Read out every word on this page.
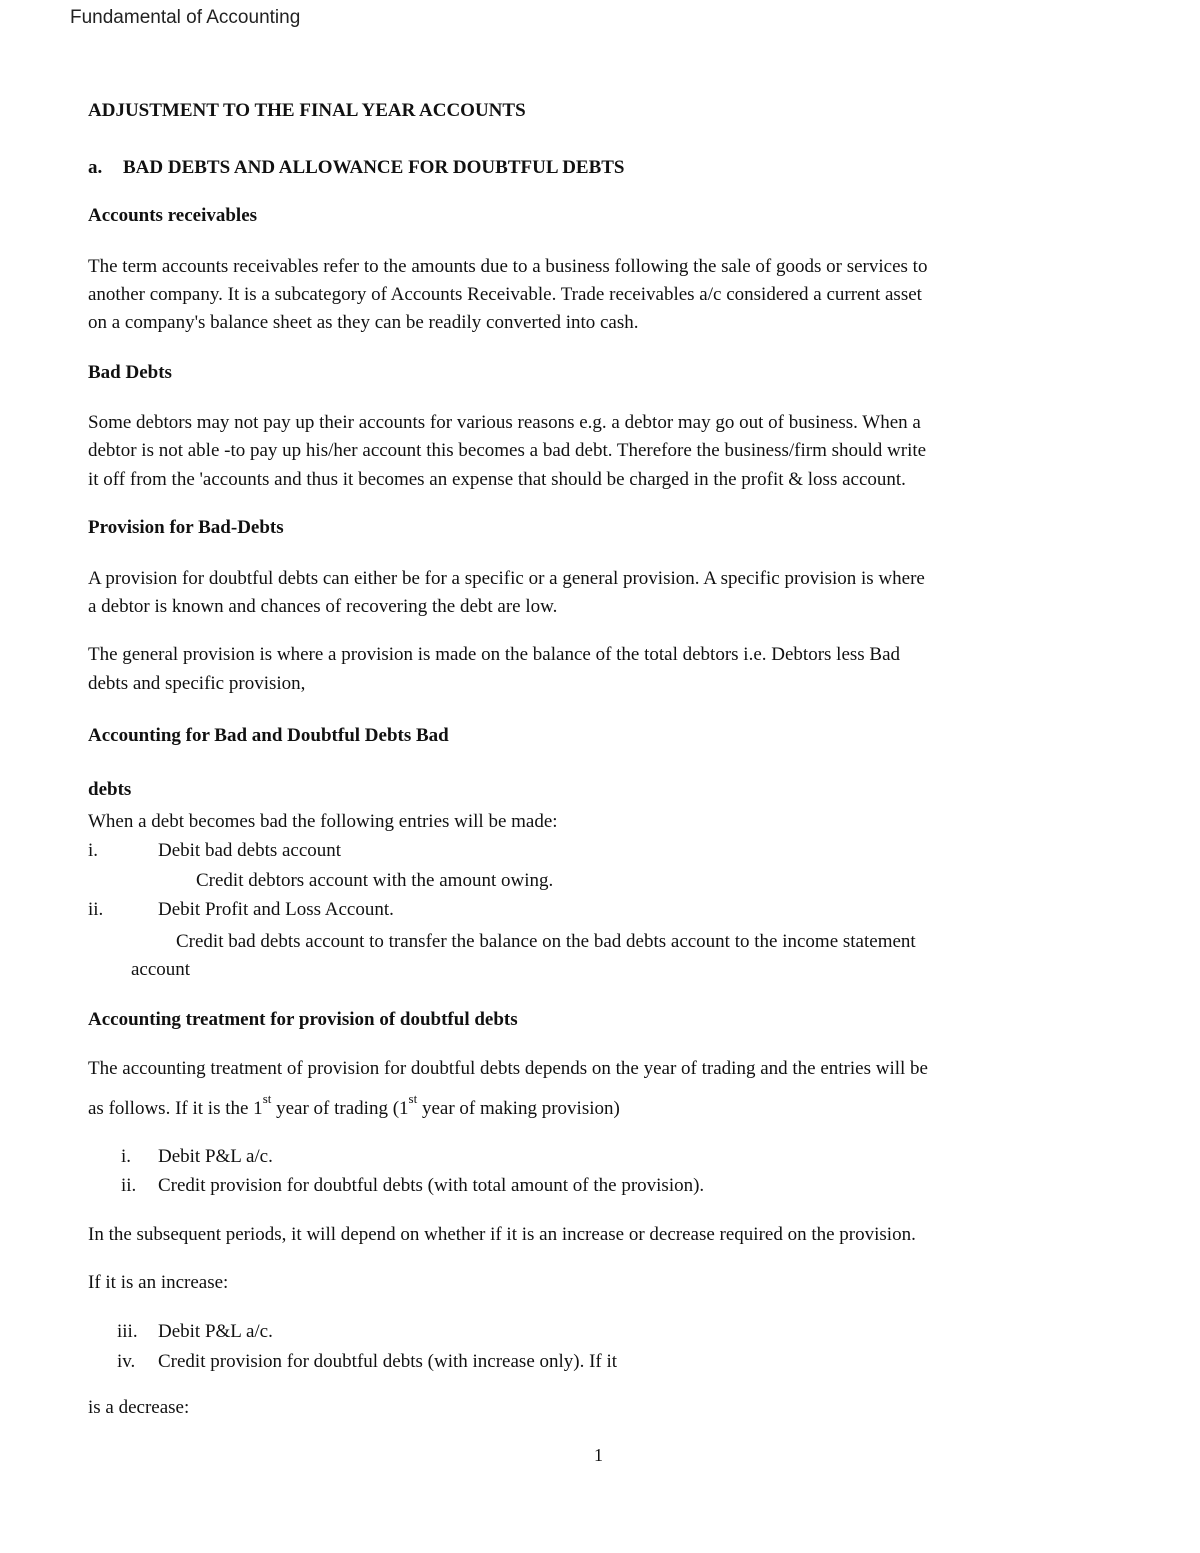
Fundamental of Accounting
ADJUSTMENT TO THE FINAL YEAR ACCOUNTS
a. BAD DEBTS AND ALLOWANCE FOR DOUBTFUL DEBTS
Accounts receivables
The term accounts receivables refer to the amounts due to a business following the sale of goods or services to
another company. It is a subcategory of Accounts Receivable. Trade receivables a/c considered a current asset
on a company's balance sheet as they can be readily converted into cash.
Bad Debts
Some debtors may not pay up their accounts for various reasons e.g. a debtor may go out of business. When a
debtor is not able -to pay up his/her account this becomes a bad debt. Therefore the business/firm should write
it off from the 'accounts and thus it becomes an expense that should be charged in the profit & loss account.
Provision for Bad-Debts
A provision for doubtful debts can either be for a specific or a general provision. A specific provision is where
a debtor is known and chances of recovering the debt are low.
The general provision is where a provision is made on the balance of the total debtors i.e. Debtors less Bad
debts and specific provision,
Accounting for Bad and Doubtful Debts Bad
debts
When a debt becomes bad the following entries will be made:
i.	Debit bad debts account
Credit debtors account with the amount owing.
ii.	Debit Profit and Loss Account.
Credit bad debts account to transfer the balance on the bad debts account to the income statement
account
Accounting treatment for provision of doubtful debts
The accounting treatment of provision for doubtful debts depends on the year of trading and the entries will be
as follows. If it is the 1st year of trading (1st year of making provision)
i. Debit P&L a/c.
ii. Credit provision for doubtful debts (with total amount of the provision).
In the subsequent periods, it will depend on whether if it is an increase or decrease required on the provision.
If it is an increase:
iii. Debit P&L a/c.
iv. Credit provision for doubtful debts (with increase only). If it
is a decrease:
1
